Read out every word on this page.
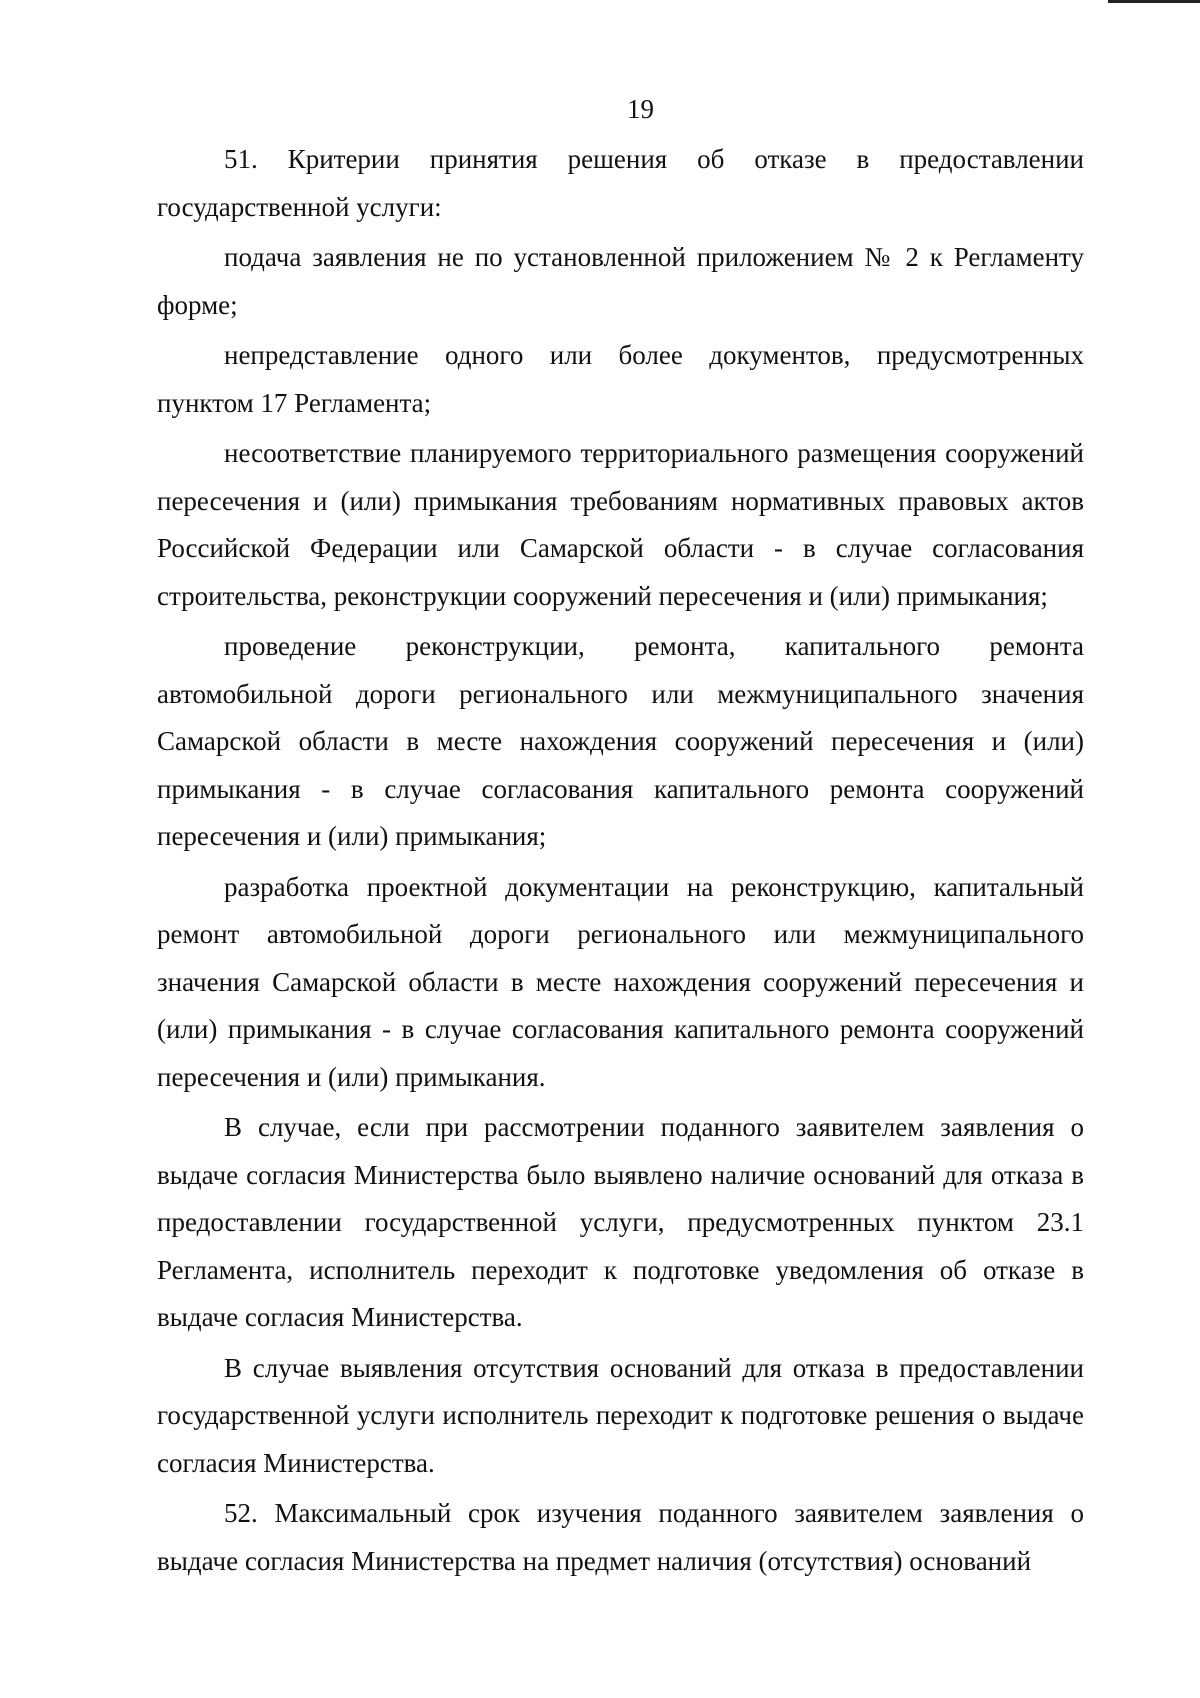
19

51. Критерии принятия решения об отказе в предоставлении государственной услуги:

подача заявления не по установленной приложением № 2 к Регламенту форме;

непредставление одного или более документов, предусмотренных пунктом 17 Регламента;

несоответствие планируемого территориального размещения сооружений пересечения и (или) примыкания требованиям нормативных правовых актов Российской Федерации или Самарской области - в случае согласования строительства, реконструкции сооружений пересечения и (или) примыкания;

проведение реконструкции, ремонта, капитального ремонта автомобильной дороги регионального или межмуниципального значения Самарской области в месте нахождения сооружений пересечения и (или) примыкания - в случае согласования капитального ремонта сооружений пересечения и (или) примыкания;

разработка проектной документации на реконструкцию, капитальный ремонт автомобильной дороги регионального или межмуниципального значения Самарской области в месте нахождения сооружений пересечения и (или) примыкания - в случае согласования капитального ремонта сооружений пересечения и (или) примыкания.

В случае, если при рассмотрении поданного заявителем заявления о выдаче согласия Министерства было выявлено наличие оснований для отказа в предоставлении государственной услуги, предусмотренных пунктом 23.1 Регламента, исполнитель переходит к подготовке уведомления об отказе в выдаче согласия Министерства.

В случае выявления отсутствия оснований для отказа в предоставлении государственной услуги исполнитель переходит к подготовке решения о выдаче согласия Министерства.

52. Максимальный срок изучения поданного заявителем заявления о выдаче согласия Министерства на предмет наличия (отсутствия) оснований
